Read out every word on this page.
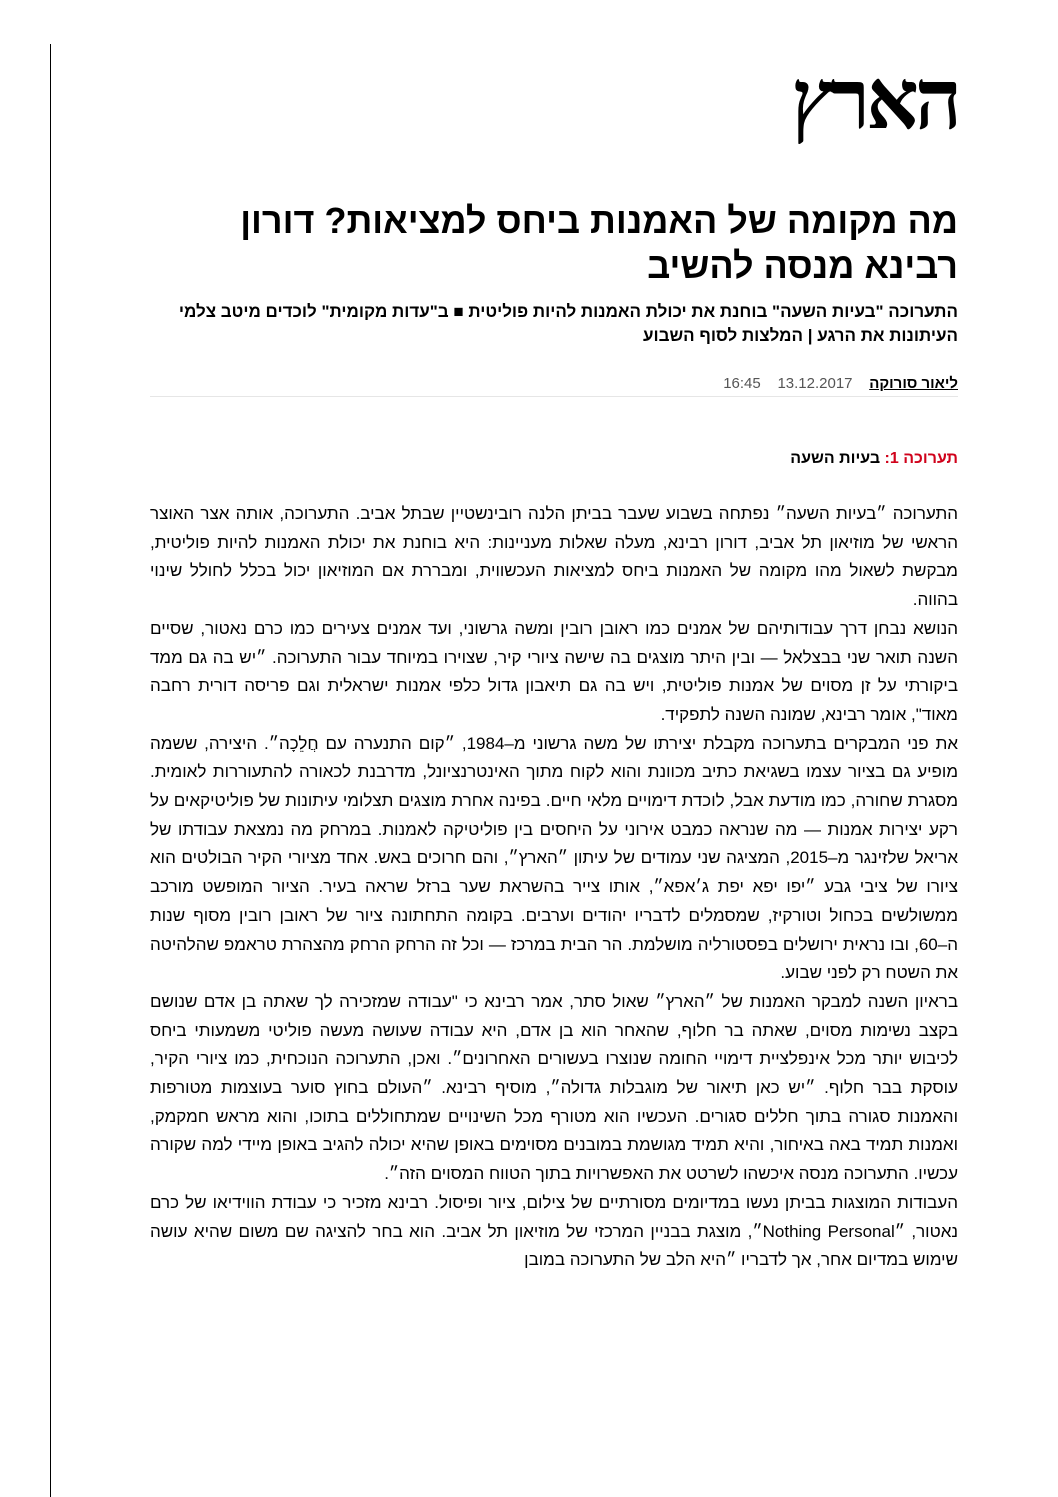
הארץ
מה מקומה של האמנות ביחס למציאות? דורון רבינא מנסה להשיב
התערוכה "בעיות השעה" בוחנת את יכולת האמנות להיות פוליטית ■ ב"עדות מקומית" לוכדים מיטב צלמי העיתונות את הרגע | המלצות לסוף השבוע
ליאור סורוקה    13.12.2017    16:45
תערוכה 1: בעיות השעה

התערוכה ״בעיות השעה״ נפתחה בשבוע שעבר בביתן הלנה רובינשטיין שבתל אביב. התערוכה, אותה אצר האוצר הראשי של מוזיאון תל אביב, דורון רבינא, מעלה שאלות מעניינות: היא בוחנת את יכולת האמנות להיות פוליטית, מבקשת לשאול מהו מקומה של האמנות ביחס למציאות העכשווית, ומבררת אם המוזיאון יכול בכלל לחולל שינוי בהווה.

הנושא נבחן דרך עבודותיהם של אמנים כמו ראובן רובין ומשה גרשוני, ועד אמנים צעירים כמו כרם נאטור, שסיים השנה תואר שני בבצלאל — ובין היתר מוצגים בה שישה ציורי קיר, שצוירו במיוחד עבור התערוכה. ״יש בה גם ממד ביקורתי על זן מסוים של אמנות פוליטית, ויש בה גם תיאבון גדול כלפי אמנות ישראלית וגם פריסה דורית רחבה מאוד", אומר רבינא, שמונה השנה לתפקיד.

את פני המבקרים בתערוכה מקבלת יצירתו של משה גרשוני מ–1984, ״קום התנערה עם חֲלֵכָה״. היצירה, ששמה מופיע גם בציור עצמו בשגיאת כתיב מכוונת והוא לקוח מתוך האינטרנציונל, מדרבנת לכאורה להתעוררות לאומית. מסגרת שחורה, כמו מודעת אבל, לוכדת דימויים מלאי חיים. בפינה אחרת מוצגים תצלומי עיתונות של פוליטיקאים על רקע יצירות אמנות — מה שנראה כמבט אירוני על היחסים בין פוליטיקה לאמנות. במרחק מה נמצאת עבודתו של אריאל שלזינגר מ–2015, המציגה שני עמודים של עיתון ״הארץ״, והם חרוכים באש. אחד מציורי הקיר הבולטים הוא ציורו של ציבי גבע ״יפו יפא יפת ג׳אפא״, אותו צייר בהשראת שער ברזל שראה בעיר. הציור המופשט מורכב ממשולשים בכחול וטורקיז, שמסמלים לדבריו יהודים וערבים. בקומה התחתונה ציור של ראובן רובין מסוף שנות ה–60, ובו נראית ירושלים בפסטורליה מושלמת. הר הבית במרכז — וכל זה הרחק הרחק מהצהרת טראמפ שהלהיטה את השטח רק לפני שבוע.

בראיון השנה למבקר האמנות של ״הארץ״ שאול סתר, אמר רבינא כי "עבודה שמזכירה לך שאתה בן אדם שנושם בקצב נשימות מסוים, שאתה בר חלוף, שהאחר הוא בן אדם, היא עבודה שעושה מעשה פוליטי משמעותי ביחס לכיבוש יותר מכל אינפלציית דימויי החומה שנוצרו בעשורים האחרונים״. ואכן, התערוכה הנוכחית, כמו ציורי הקיר, עוסקת בבר חלוף. ״יש כאן תיאור של מוגבלות גדולה״, מוסיף רבינא. ״העולם בחוץ סוער בעוצמות מטורפות והאמנות סגורה בתוך חללים סגורים. העכשיו הוא מטורף מכל השינויים שמתחוללים בתוכו, והוא מראש חמקמק, ואמנות תמיד באה באיחור, והיא תמיד מגושמת במובנים מסוימים באופן שהיא יכולה להגיב באופן מיידי למה שקורה עכשיו. התערוכה מנסה איכשהו לשרטט את האפשרויות בתוך הטווח המסוים הזה״.

העבודות המוצגות בביתן נעשו במדיומים מסורתיים של צילום, ציור ופיסול. רבינא מזכיר כי עבודת הווידיאו של כרם נאטור, ״Nothing Personal״, מוצגת בבניין המרכזי של מוזיאון תל אביב. הוא בחר להציגה שם משום שהיא עושה שימוש במדיום אחר, אך לדבריו ״היא הלב של התערוכה במובן
